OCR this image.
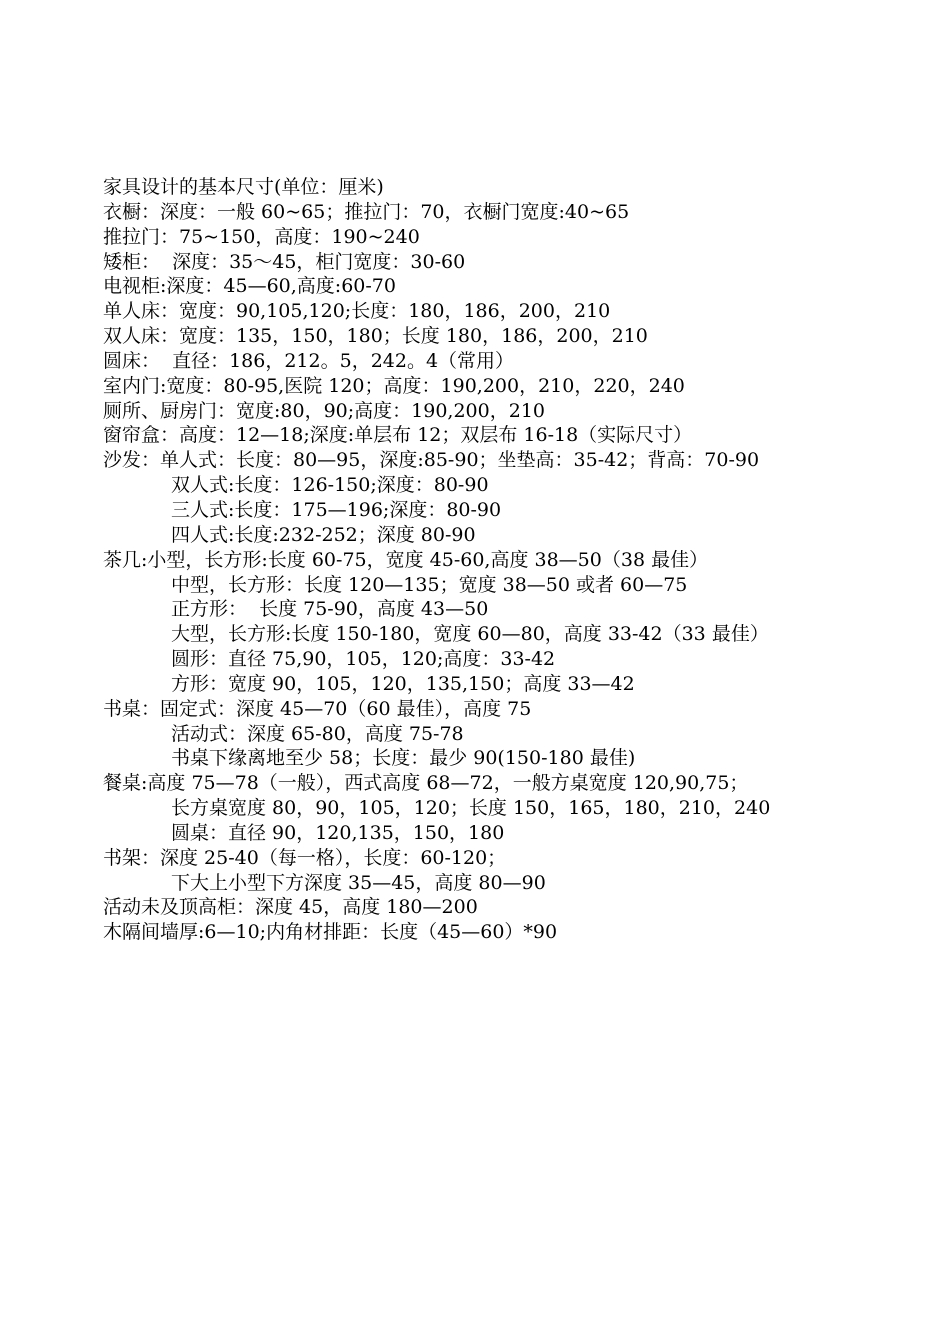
家具设计的基本尺寸(单位：厘米)
衣橱：深度：一般 60~65；推拉门：70，衣橱门宽度:40~65
推拉门：75~150，高度：190~240
矮柜：  深度：35～45，柜门宽度：30-60
电视柜:深度：45—60,高度:60-70
单人床：宽度：90,105,120;长度：180，186，200，210
双人床：宽度：135，150，180；长度 180，186，200，210
圆床：  直径：186，212。5，242。4（常用）
室内门:宽度：80-95,医院 120；高度：190,200，210，220，240
厕所、厨房门：宽度:80，90;高度：190,200，210
窗帘盒：高度：12—18;深度:单层布 12；双层布 16-18（实际尺寸）
沙发：单人式：长度：80—95，深度:85-90；坐垫高：35-42；背高：70-90
双人式:长度：126-150;深度：80-90
三人式:长度：175—196;深度：80-90
四人式:长度:232-252；深度 80-90
茶几:小型，长方形:长度 60-75，宽度 45-60,高度 38—50（38 最佳）
中型，长方形：长度 120—135；宽度 38—50 或者 60—75
正方形：  长度 75-90，高度 43—50
大型，长方形:长度 150-180，宽度 60—80，高度 33-42（33 最佳）
圆形：直径 75,90，105，120;高度：33-42
方形：宽度 90，105，120，135,150；高度 33—42
书桌：固定式：深度 45—70（60 最佳），高度 75
活动式：深度 65-80，高度 75-78
书桌下缘离地至少 58；长度：最少 90(150-180 最佳)
餐桌:高度 75—78（一般），西式高度 68—72，一般方桌宽度 120,90,75；
长方桌宽度 80，90，105，120；长度 150，165，180，210，240
圆桌：直径 90，120,135，150，180
书架：深度 25-40（每一格），长度：60-120；
下大上小型下方深度 35—45，高度 80—90
活动未及顶高柜：深度 45，高度 180—200
木隔间墙厚:6—10;内角材排距：长度（45—60）*90
